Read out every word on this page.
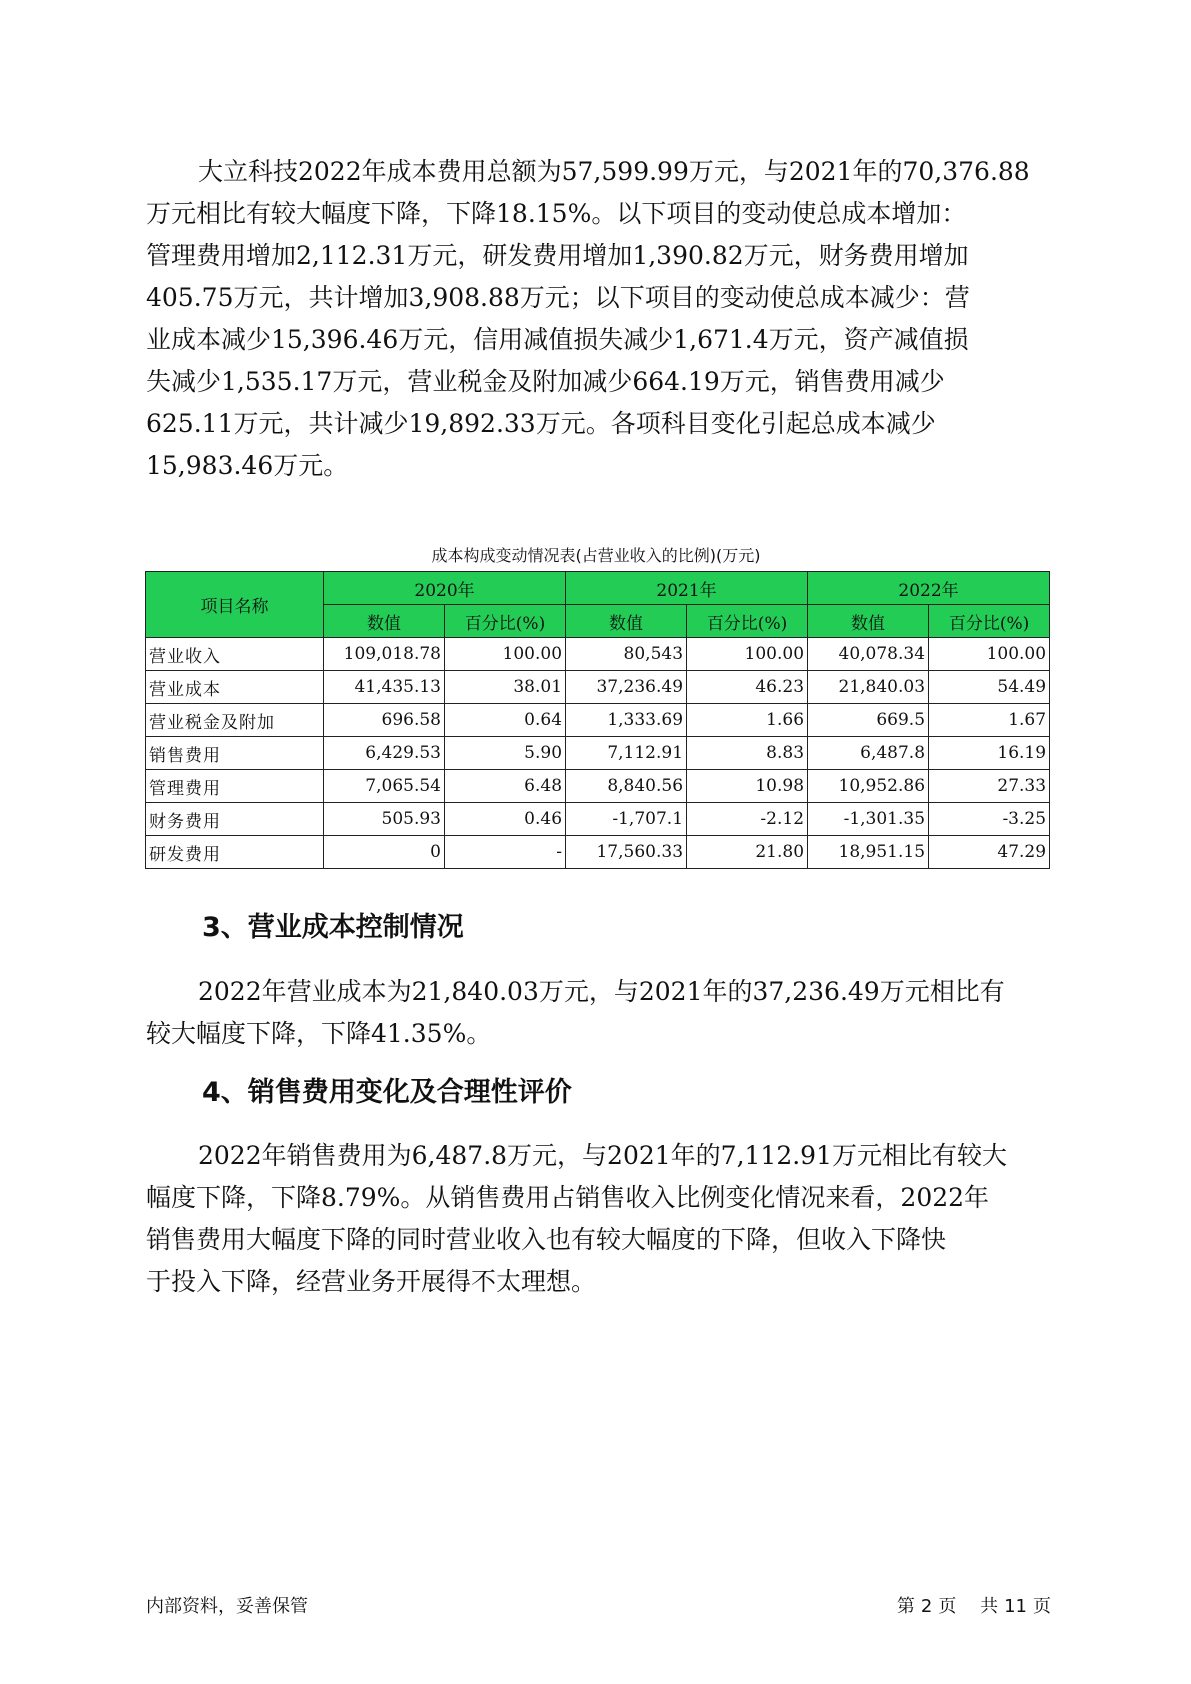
大立科技2022年成本费用总额为57,599.99万元，与2021年的70,376.88

万元相比有较大幅度下降，下降18.15%。以下项目的变动使总成本增加：

管理费用增加2,112.31万元，研发费用增加1,390.82万元，财务费用增加

405.75万元，共计增加3,908.88万元；以下项目的变动使总成本减少：营

业成本减少15,396.46万元，信用减值损失减少1,671.4万元，资产减值损

失减少1,535.17万元，营业税金及附加减少664.19万元，销售费用减少

625.11万元，共计减少19,892.33万元。各项科目变化引起总成本减少

15,983.46万元。

成本构成变动情况表(占营业收入的比例)(万元)
项目名称	2020年		2021年		2022年	
	数值	百分比(%)	数值	百分比(%)	数值	百分比(%)
营业收入	109,018.78	100.00	80,543	100.00	40,078.34	100.00
营业成本	41,435.13	38.01	37,236.49	46.23	21,840.03	54.49
营业税金及附加	696.58	0.64	1,333.69	1.66	669.5	1.67
销售费用	6,429.53	5.90	7,112.91	8.83	6,487.8	16.19
管理费用	7,065.54	6.48	8,840.56	10.98	10,952.86	27.33
财务费用	505.93	0.46	-1,707.1	-2.12	-1,301.35	-3.25
研发费用	0	-	17,560.33	21.80	18,951.15	47.29
3、营业成本控制情况

2022年营业成本为21,840.03万元，与2021年的37,236.49万元相比有

较大幅度下降，下降41.35%。

4、销售费用变化及合理性评价

2022年销售费用为6,487.8万元，与2021年的7,112.91万元相比有较大

幅度下降，下降8.79%。从销售费用占销售收入比例变化情况来看，2022年

销售费用大幅度下降的同时营业收入也有较大幅度的下降，但收入下降快

于投入下降，经营业务开展得不太理想。

内部资料，妥善保管	第 2 页 共 11 页
